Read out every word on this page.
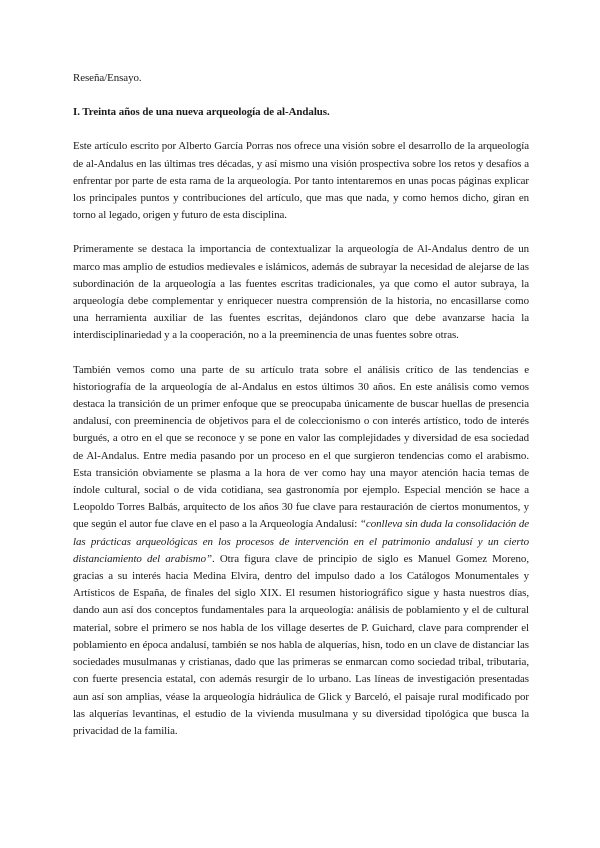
Reseña/Ensayo.
I. Treinta años de una nueva arqueología de al-Andalus.

Este artículo escrito por Alberto García Porras nos ofrece una visión sobre el desarrollo de la arqueología de al-Andalus en las últimas tres décadas, y así mismo una visión prospectiva sobre los retos y desafíos a enfrentar por parte de esta rama de la arqueología. Por tanto intentaremos en unas pocas páginas explicar los principales puntos y contribuciones del artículo, que mas que nada, y como hemos dicho, giran en torno al legado, origen y futuro de esta disciplina.

Primeramente se destaca la importancia de contextualizar la arqueología de Al-Andalus dentro de un marco mas amplio de estudios medievales e islámicos, además de subrayar la necesidad de alejarse de las subordinación de la arqueología a las fuentes escritas tradicionales, ya que como el autor subraya, la arqueología debe complementar y enriquecer nuestra comprensión de la historia, no encasillarse como una herramienta auxiliar de las fuentes escritas, dejándonos claro que debe avanzarse hacia la interdisciplinariedad y a la cooperación, no a la preeminencia de unas fuentes sobre otras.

También vemos como una parte de su artículo trata sobre el análisis crítico de las tendencias e historiografía de la arqueología de al-Andalus en estos últimos 30 años. En este análisis como vemos destaca la transición de un primer enfoque que se preocupaba únicamente de buscar huellas de presencia andalusí, con preeminencia de objetivos para el de coleccionismo o con interés artístico, todo de interés burgués, a otro en el que se reconoce y se pone en valor las complejidades y diversidad de esa sociedad de Al-Andalus. Entre media pasando por un proceso en el que surgieron tendencias como el arabismo. Esta transición obviamente se plasma a la hora de ver como hay una mayor atención hacia temas de índole cultural, social o de vida cotidiana, sea gastronomía por ejemplo. Especial mención se hace a Leopoldo Torres Balbás, arquitecto de los años 30 fue clave para restauración de ciertos monumentos, y que según el autor fue clave en el paso a la Arqueología Andalusí: “conlleva sin duda la consolidación de las prácticas arqueológicas en los procesos de intervención en el patrimonio andalusí y un cierto distanciamiento del arabismo”. Otra figura clave de principio de siglo es Manuel Gomez Moreno, gracias a su interés hacia Medina Elvira, dentro del impulso dado a los Catálogos Monumentales y Artísticos de España, de finales del siglo XIX. El resumen historiográfico sigue y hasta nuestros días, dando aun así dos conceptos fundamentales para la arqueología: análisis de poblamiento y el de cultural material, sobre el primero se nos habla de los village desertes de P. Guichard, clave para comprender el poblamiento en época andalusí, también se nos habla de alquerías, hisn, todo en un clave de distanciar las sociedades musulmanas y cristianas, dado que las primeras se enmarcan como sociedad tribal, tributaria, con fuerte presencia estatal, con además resurgir de lo urbano. Las líneas de investigación presentadas aun así son amplias, véase la arqueología hidráulica de Glick y Barceló, el paisaje rural modificado por las alquerías levantinas, el estudio de la vivienda musulmana y su diversidad tipológica que busca la privacidad de la familia.
